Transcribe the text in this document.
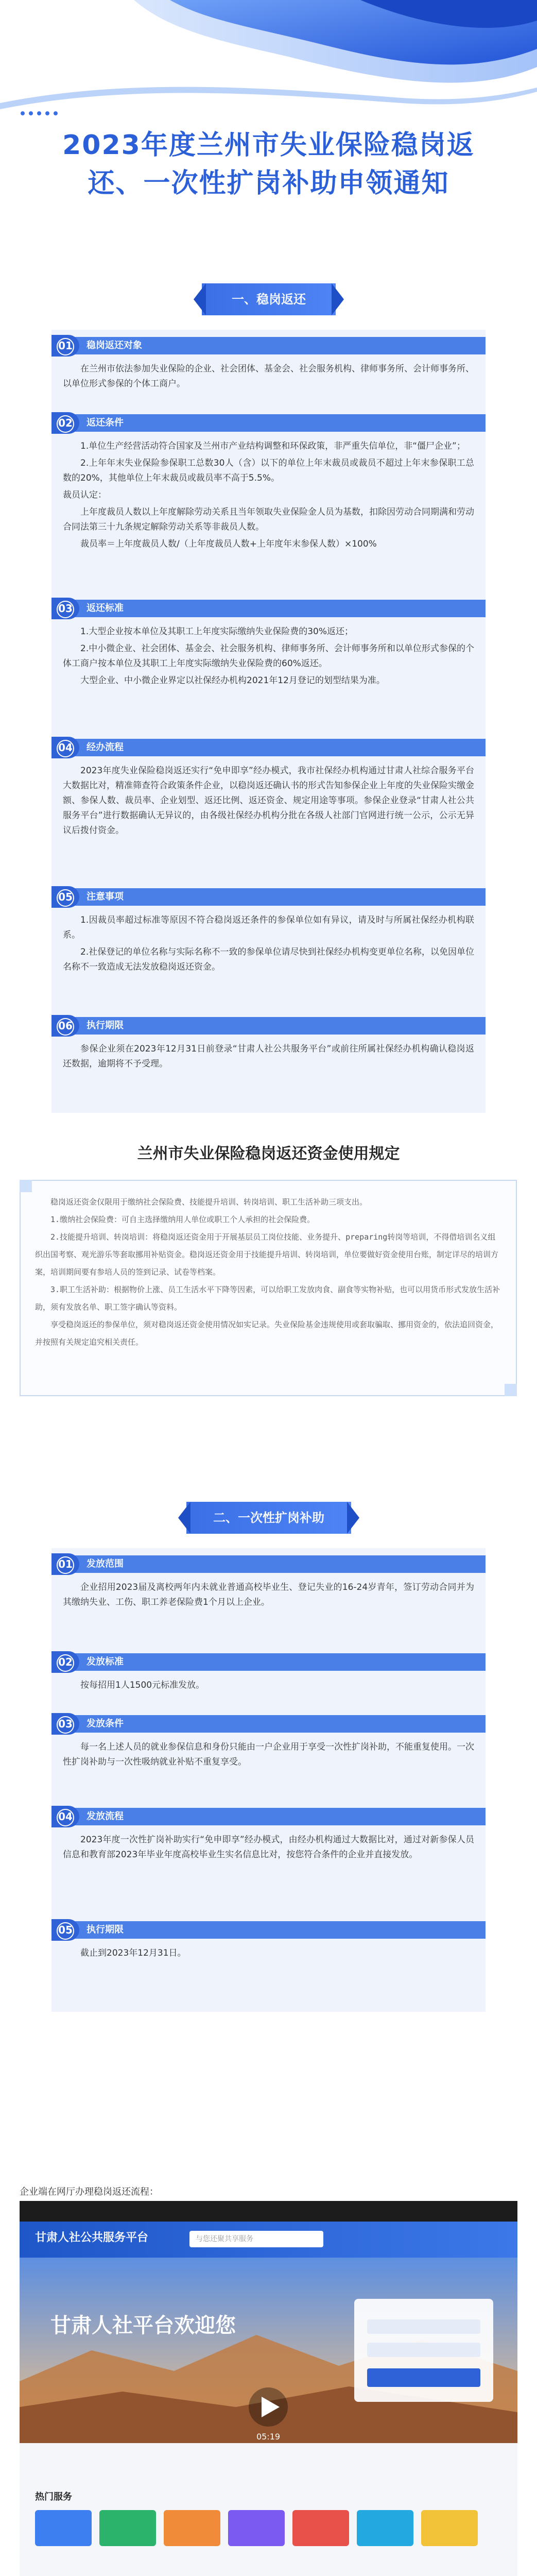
2023年度兰州市失业保险稳岗返
还、一次性扩岗补助申领通知
一、稳岗返还
01	稳岗返还对象

在兰州市依法参加失业保险的企业、社会团体、基金会、社会服务机构、律师事务所、会计师事务所、以单位形式参保的个体工商户。

02	返还条件

1.单位生产经营活动符合国家及兰州市产业结构调整和环保政策，非严重失信单位，非“僵尸企业”；

2.上年年末失业保险参保职工总数30人（含）以下的单位上年末裁员或裁员不超过上年末参保职工总数的20%，其他单位上年末裁员或裁员率不高于5.5%。

裁员认定：

上年度裁员人数以上年度解除劳动关系且当年领取失业保险金人员为基数，扣除因劳动合同期满和劳动合同法第三十九条规定解除劳动关系等非裁员人数。

裁员率＝上年度裁员人数/（上年度裁员人数+上年度年末参保人数）×100%

03	返还标准

1.大型企业按本单位及其职工上年度实际缴纳失业保险费的30%返还；

2.中小微企业、社会团体、基金会、社会服务机构、律师事务所、会计师事务所和以单位形式参保的个体工商户按本单位及其职工上年度实际缴纳失业保险费的60%返还。

大型企业、中小微企业界定以社保经办机构2021年12月登记的划型结果为准。

04	经办流程

2023年度失业保险稳岗返还实行“免申即享”经办模式，我市社保经办机构通过甘肃人社综合服务平台大数据比对，精准筛查符合政策条件企业，以稳岗返还确认书的形式告知参保企业上年度的失业保险实缴金额、参保人数、裁员率、企业划型、返还比例、返还资金、规定用途等事项。参保企业登录“甘肃人社公共服务平台”进行数据确认无异议的，由各级社保经办机构分批在各级人社部门官网进行统一公示，公示无异议后拨付资金。

05	注意事项

1.因裁员率超过标准等原因不符合稳岗返还条件的参保单位如有异议，请及时与所属社保经办机构联系。

2.社保登记的单位名称与实际名称不一致的参保单位请尽快到社保经办机构变更单位名称，以免因单位名称不一致造成无法发放稳岗返还资金。

06	执行期限

参保企业须在2023年12月31日前登录“甘肃人社公共服务平台”或前往所属社保经办机构确认稳岗返还数据，逾期将不予受理。

兰州市失业保险稳岗返还资金使用规定

稳岗返还资金仅限用于缴纳社会保险费、技能提升培训、转岗培训、职工生活补助三项支出。

1.缴纳社会保险费：可自主选择缴纳用人单位或职工个人承担的社会保险费。

2.技能提升培训、转岗培训：将稳岗返还资金用于开展基层员工岗位技能、业务提升、preparing转岗等培训，不得借培训名义组织出国考察、观光游乐等套取挪用补贴资金。稳岗返还资金用于技能提升培训、转岗培训，单位要做好资金使用台账，制定详尽的培训方案，培训期间要有参培人员的签到记录、试卷等档案。

3.职工生活补助：根据物价上涨、员工生活水平下降等因素，可以给职工发放肉食、副食等实物补贴，也可以用货币形式发放生活补助，须有发放名单、职工签字确认等资料。

享受稳岗返还的参保单位，须对稳岗返还资金使用情况如实记录。失业保险基金违规使用或套取骗取、挪用资金的，依法追回资金，并按照有关规定追究相关责任。

二、一次性扩岗补助
01	发放范围

企业招用2023届及离校两年内未就业普通高校毕业生、登记失业的16-24岁青年，签订劳动合同并为其缴纳失业、工伤、职工养老保险费1个月以上企业。

02	发放标准

按每招用1人1500元标准发放。

03	发放条件

每一名上述人员的就业参保信息和身份只能由一户企业用于享受一次性扩岗补助，不能重复使用。一次性扩岗补助与一次性吸纳就业补贴不重复享受。

04	发放流程

2023年度一次性扩岗补助实行“免申即享”经办模式，由经办机构通过大数据比对，通过对新参保人员信息和教育部2023年毕业年度高校毕业生实名信息比对，按您符合条件的企业并直接发放。

05	执行期限

截止到2023年12月31日。

企业端在网厅办理稳岗返还流程：
甘肃人社公共服务平台	与您还聚共享服务
甘肃人社平台欢迎您
05:19
热门服务
